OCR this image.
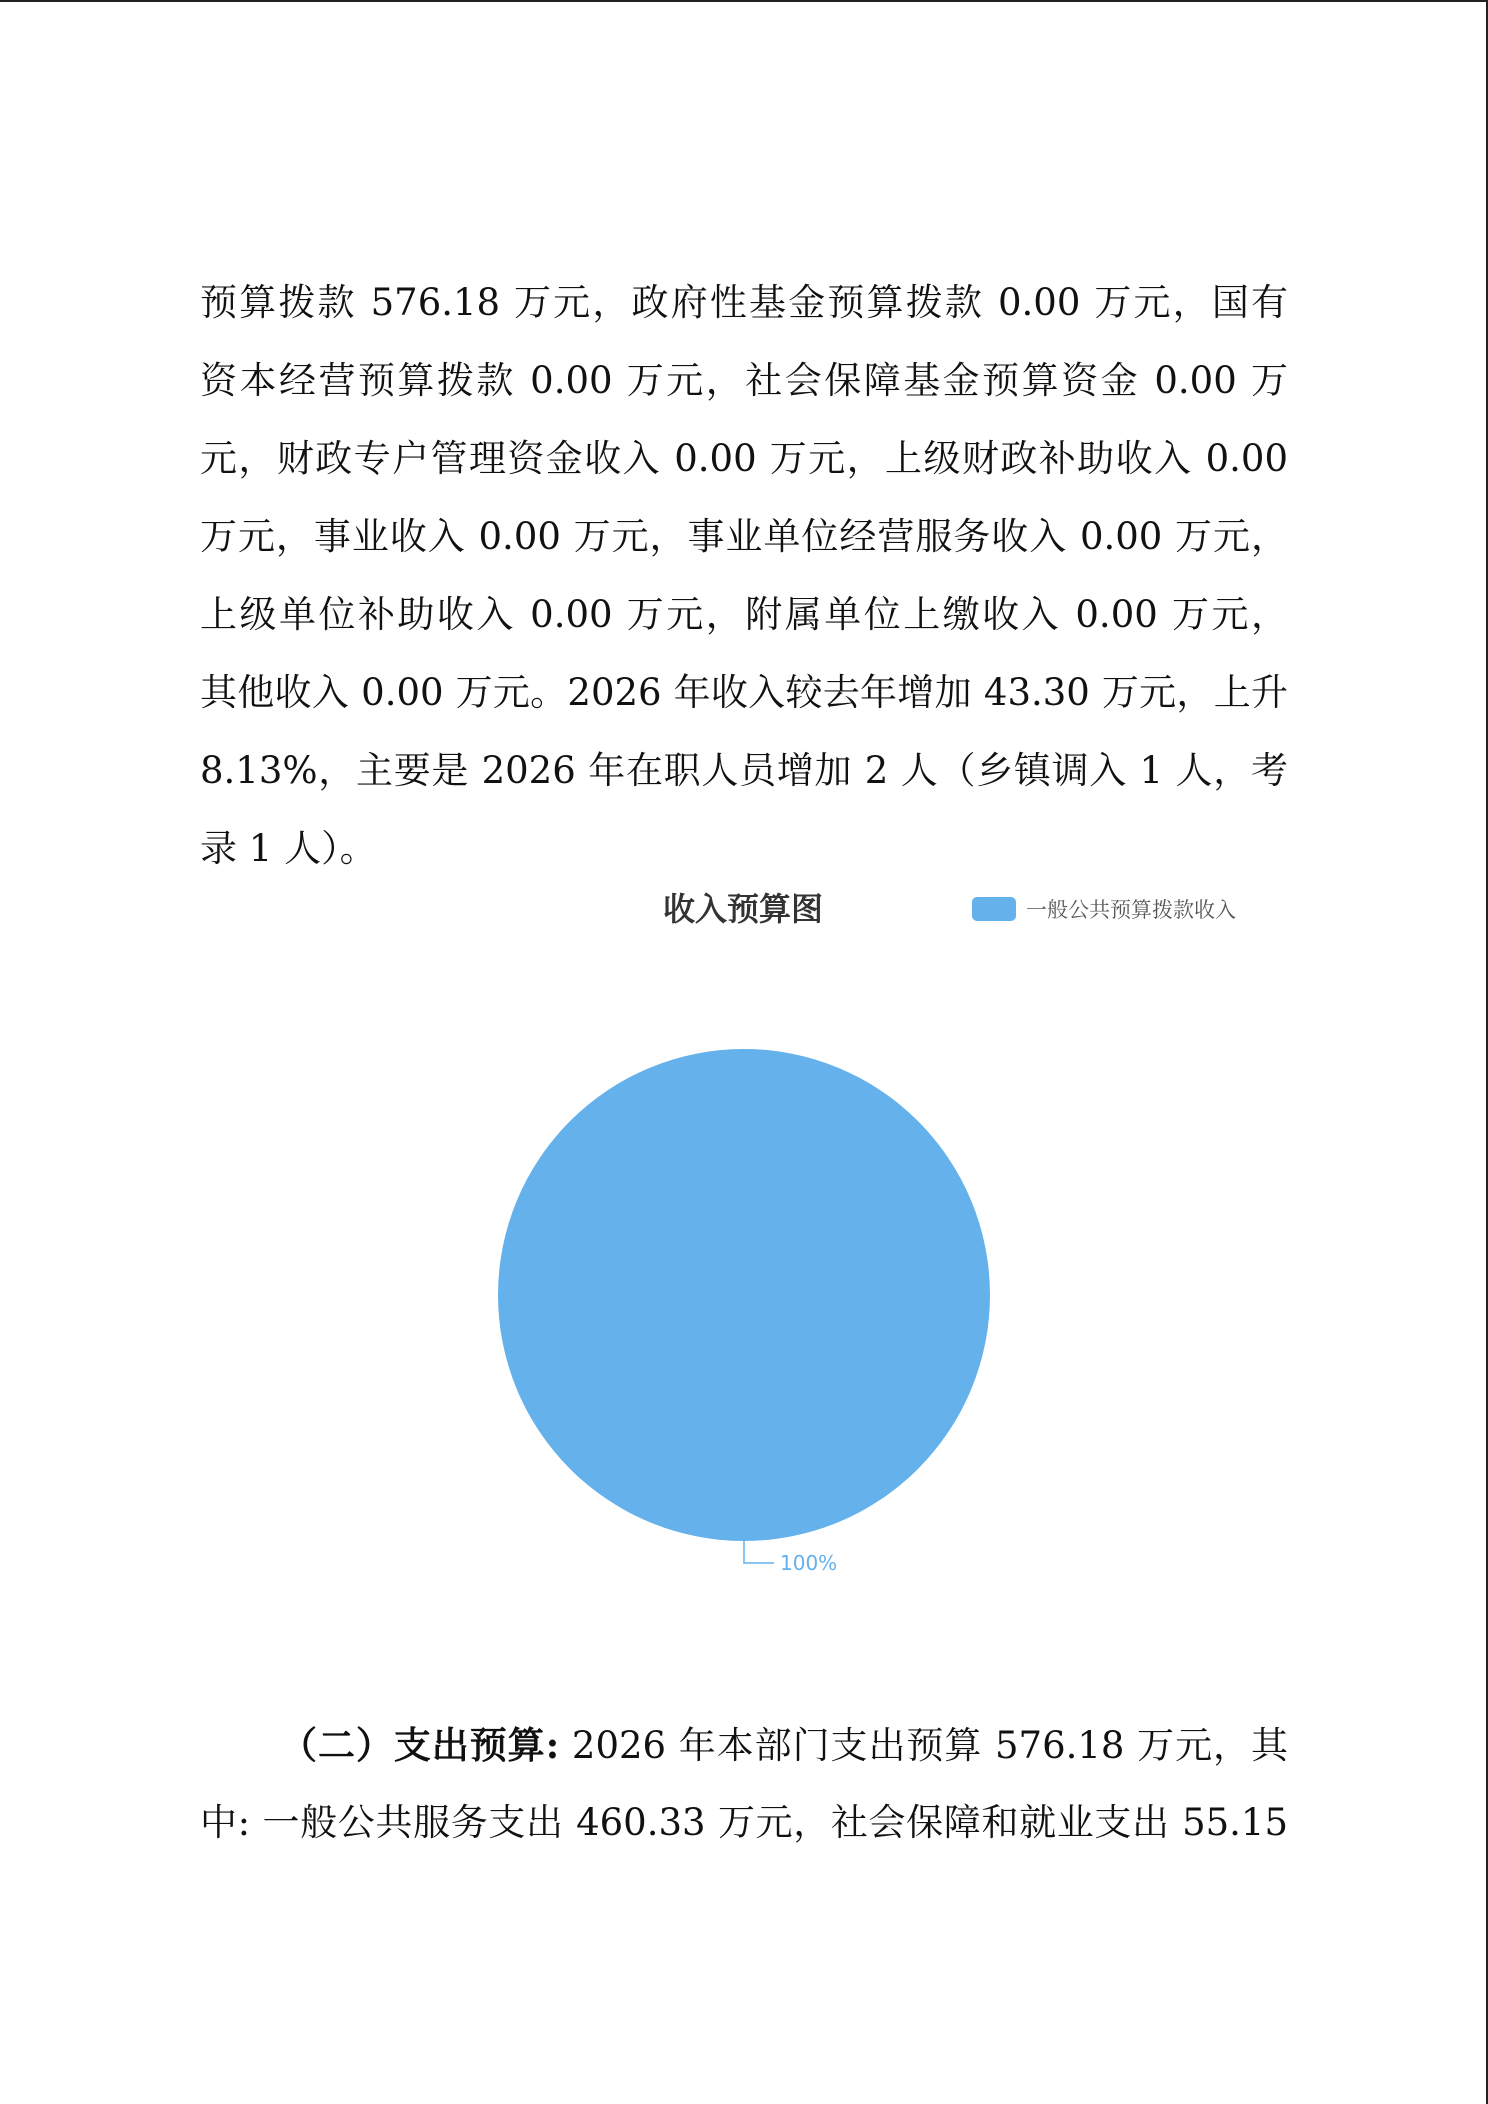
预算拨款 576.18 万元，政府性基金预算拨款 0.00 万元，国有
资本经营预算拨款 0.00 万元，社会保障基金预算资金 0.00 万
元，财政专户管理资金收入 0.00 万元，上级财政补助收入 0.00
万元，事业收入 0.00 万元，事业单位经营服务收入 0.00 万元，
上级单位补助收入 0.00 万元，附属单位上缴收入 0.00 万元，
其他收入 0.00 万元。2026 年收入较去年增加 43.30 万元，上升
8.13%，主要是 2026 年在职人员增加 2 人（乡镇调入 1 人，考
录 1 人）。
收入预算图	一般公共预算拨款收入
100%
（二）支出预算: 2026 年本部门支出预算 576.18 万元，其
中: 一般公共服务支出 460.33 万元，社会保障和就业支出 55.15
